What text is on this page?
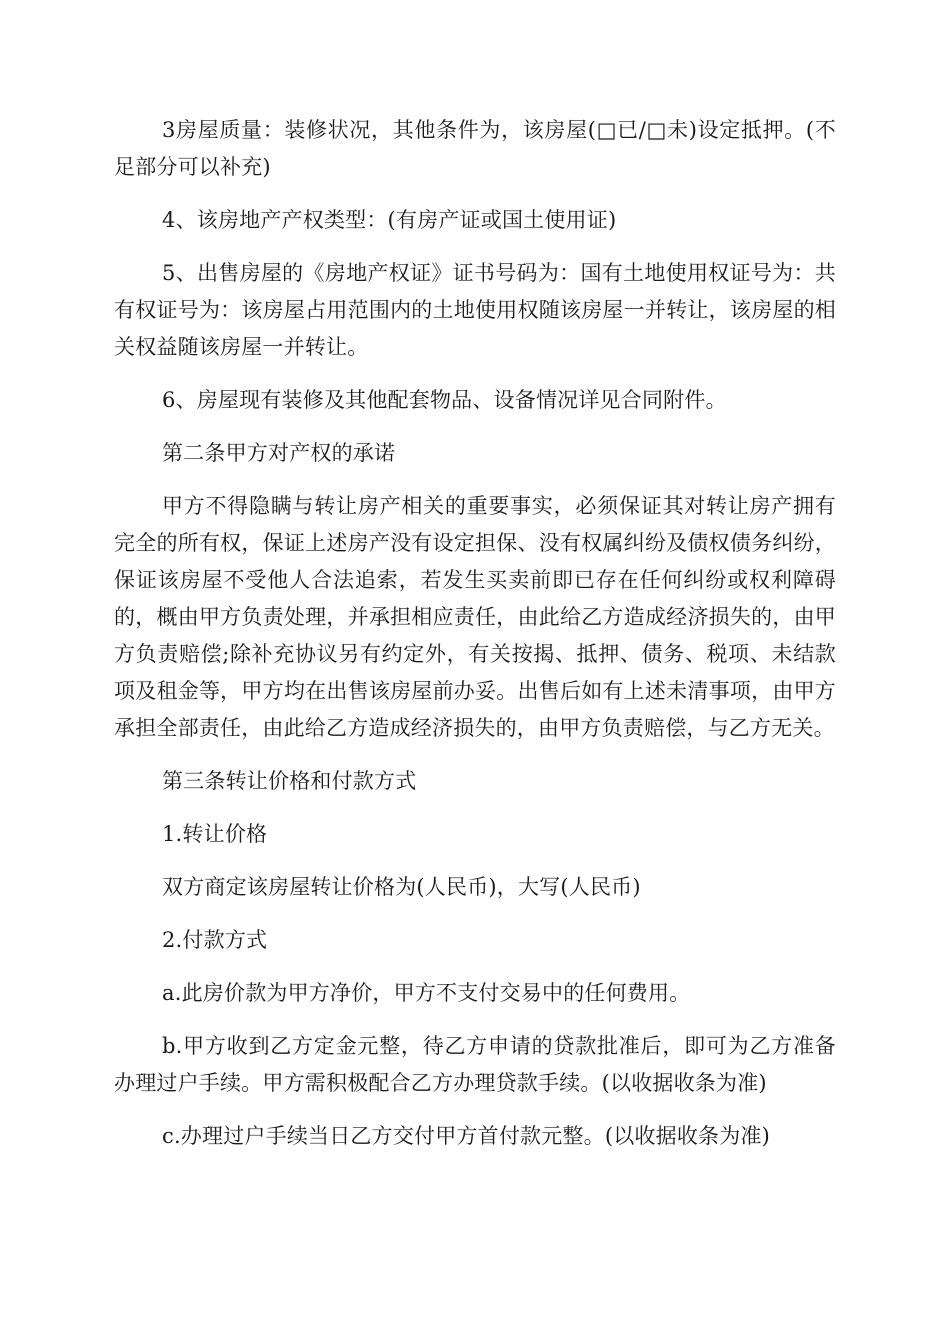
3房屋质量：装修状况，其他条件为，该房屋(□已/□未)设定抵押。(不足部分可以补充)

4、该房地产产权类型：(有房产证或国土使用证)

5、出售房屋的《房地产权证》证书号码为：国有土地使用权证号为：共有权证号为：该房屋占用范围内的土地使用权随该房屋一并转让，该房屋的相关权益随该房屋一并转让。

6、房屋现有装修及其他配套物品、设备情况详见合同附件。

第二条甲方对产权的承诺

甲方不得隐瞒与转让房产相关的重要事实，必须保证其对转让房产拥有完全的所有权，保证上述房产没有设定担保、没有权属纠纷及债权债务纠纷，保证该房屋不受他人合法追索，若发生买卖前即已存在任何纠纷或权利障碍的，概由甲方负责处理，并承担相应责任，由此给乙方造成经济损失的，由甲方负责赔偿;除补充协议另有约定外，有关按揭、抵押、债务、税项、未结款项及租金等，甲方均在出售该房屋前办妥。出售后如有上述未清事项，由甲方承担全部责任，由此给乙方造成经济损失的，由甲方负责赔偿，与乙方无关。

第三条转让价格和付款方式

1.转让价格

双方商定该房屋转让价格为(人民币)，大写(人民币)

2.付款方式

a.此房价款为甲方净价，甲方不支付交易中的任何费用。

b.甲方收到乙方定金元整，待乙方申请的贷款批准后，即可为乙方准备办理过户手续。甲方需积极配合乙方办理贷款手续。(以收据收条为准)

c.办理过户手续当日乙方交付甲方首付款元整。(以收据收条为准)
